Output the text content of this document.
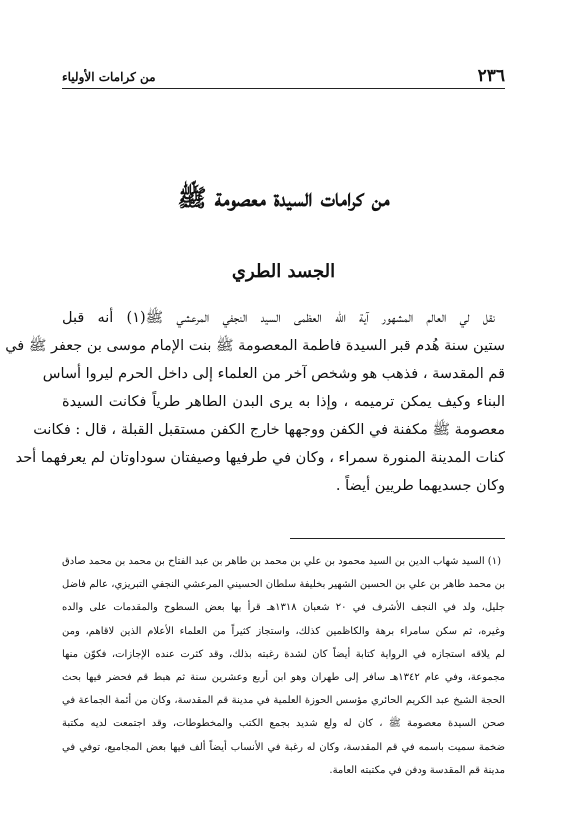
٢٣٦
من كرامات الأولياء
من كرامات السيدة معصومة ﷺ
الجسد الطري
نقل لي العالم المشهور آية الله العظمى السيد النجفي المرعشي ﷺ(١) أنه قبل
ستين سنة هُدم قبر السيدة فاطمة المعصومة ﷺ بنت الإمام موسى بن جعفر ﷺ في
قم المقدسة ، فذهب هو وشخص آخر من العلماء إلى داخل الحرم ليروا أساس
البناء وكيف يمكن ترميمه ، وإذا به يرى البدن الطاهر طرياً فكانت السيدة
معصومة ﷺ مكفنة في الكفن ووجهها خارج الكفن مستقبل القبلة ، قال : فكانت
كنات المدينة المنورة سمراء ، وكان في طرفيها وصيفتان سوداوتان لم يعرفهما أحد
وكان جسديهما طريين أيضاً .
(١) السيد شهاب الدين بن السيد محمود بن علي بن محمد بن طاهر بن عبد الفتاح بن محمد بن محمد صادق
بن محمد طاهر بن علي بن الحسين الشهير بخليفة سلطان الحسيني المرعشي النجفي التبريزي، عالم فاضل
جليل، ولد في النجف الأشرف في ٢٠ شعبان ١٣١٨هـ قرأ بها بعض السطوح والمقدمات على والده
وغيره، ثم سكن سامراء برهة والكاظمين كذلك، واستجاز كثيراً من العلماء الأعلام الذين لاقاهم، ومن
لم يلاقه استجازه في الرواية كتابة أيضاً كان لشدة رغبته بذلك، وقد كثرت عنده الإجازات، فكوّن منها
مجموعة، وفي عام ١٣٤٢هـ سافر إلى طهران وهو ابن أربع وعشرين سنة ثم هبط قم فحضر فيها بحث
الحجة الشيخ عبد الكريم الحائري مؤسس الحوزة العلمية في مدينة قم المقدسة، وكان من أئمة الجماعة في
صحن السيدة معصومة ﷺ ، كان له ولع شديد بجمع الكتب والمخطوطات، وقد اجتمعت لديه مكتبة
ضخمة سميت باسمه في قم المقدسة، وكان له رغبة في الأنساب أيضاً ألف فيها بعض المجاميع، توفي في
مدينة قم المقدسة ودفن في مكتبته العامة.
